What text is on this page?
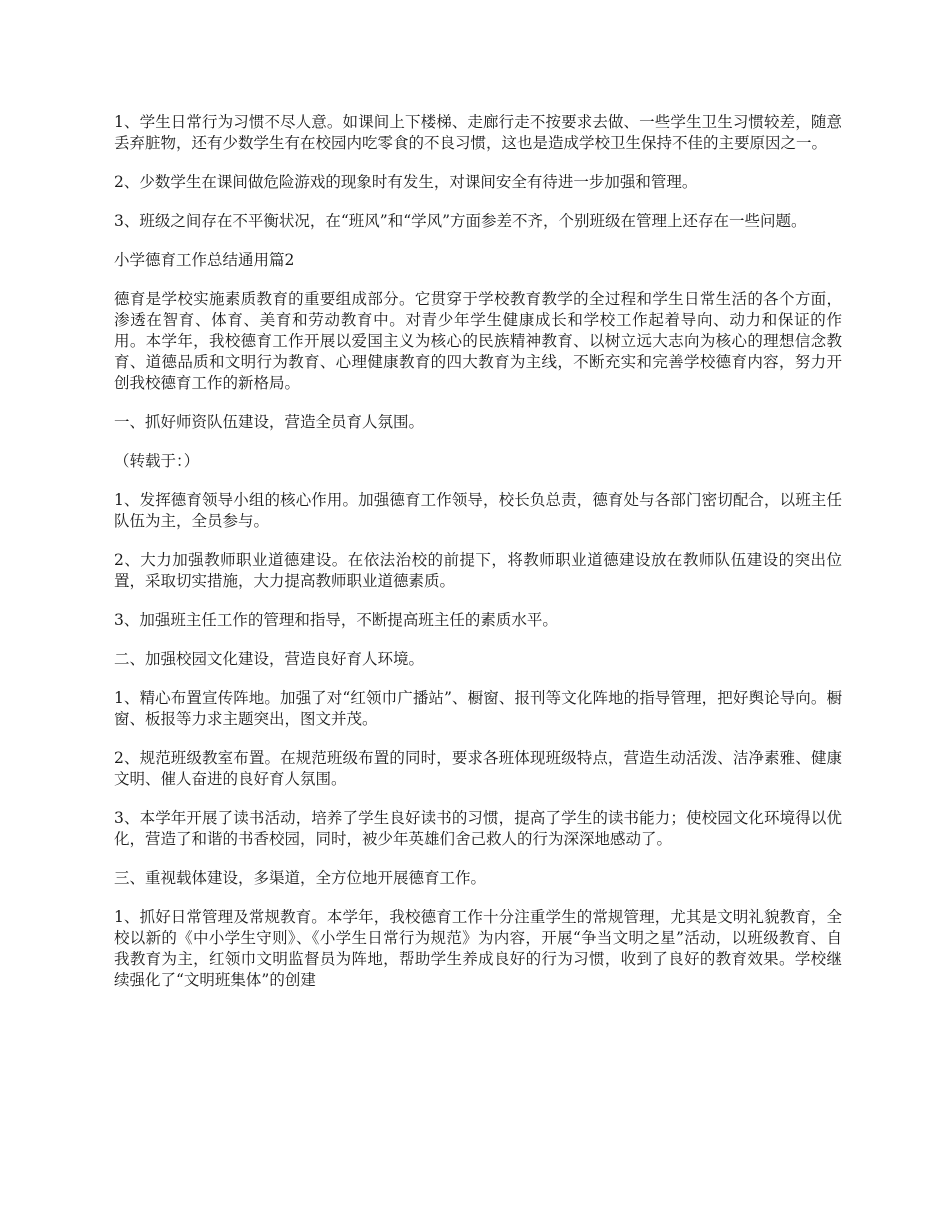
1、学生日常行为习惯不尽人意。如课间上下楼梯、走廊行走不按要求去做、一些学生卫生习惯较差，随意丢弃脏物，还有少数学生有在校园内吃零食的不良习惯，这也是造成学校卫生保持不佳的主要原因之一。

2、少数学生在课间做危险游戏的现象时有发生，对课间安全有待进一步加强和管理。

3、班级之间存在不平衡状况，在“班风”和“学风”方面参差不齐，个别班级在管理上还存在一些问题。

小学德育工作总结通用篇2

德育是学校实施素质教育的重要组成部分。它贯穿于学校教育教学的全过程和学生日常生活的各个方面，渗透在智育、体育、美育和劳动教育中。对青少年学生健康成长和学校工作起着导向、动力和保证的作用。本学年，我校德育工作开展以爱国主义为核心的民族精神教育、以树立远大志向为核心的理想信念教育、道德品质和文明行为教育、心理健康教育的四大教育为主线，不断充实和完善学校德育内容，努力开创我校德育工作的新格局。

一、抓好师资队伍建设，营造全员育人氛围。

（转载于：）

1、发挥德育领导小组的核心作用。加强德育工作领导，校长负总责，德育处与各部门密切配合，以班主任队伍为主，全员参与。

2、大力加强教师职业道德建设。在依法治校的前提下，将教师职业道德建设放在教师队伍建设的突出位置，采取切实措施，大力提高教师职业道德素质。

3、加强班主任工作的管理和指导，不断提高班主任的素质水平。

二、加强校园文化建设，营造良好育人环境。

1、精心布置宣传阵地。加强了对“红领巾广播站”、橱窗、报刊等文化阵地的指导管理，把好舆论导向。橱窗、板报等力求主题突出，图文并茂。

2、规范班级教室布置。在规范班级布置的同时，要求各班体现班级特点，营造生动活泼、洁净素雅、健康文明、催人奋进的良好育人氛围。

3、本学年开展了读书活动，培养了学生良好读书的习惯，提高了学生的读书能力；使校园文化环境得以优化，营造了和谐的书香校园，同时，被少年英雄们舍己救人的行为深深地感动了。

三、重视载体建设，多渠道，全方位地开展德育工作。

1、抓好日常管理及常规教育。本学年，我校德育工作十分注重学生的常规管理，尤其是文明礼貌教育，全校以新的《中小学生守则》、《小学生日常行为规范》为内容，开展“争当文明之星”活动，以班级教育、自我教育为主，红领巾文明监督员为阵地，帮助学生养成良好的行为习惯，收到了良好的教育效果。学校继续强化了“文明班集体”的创建
